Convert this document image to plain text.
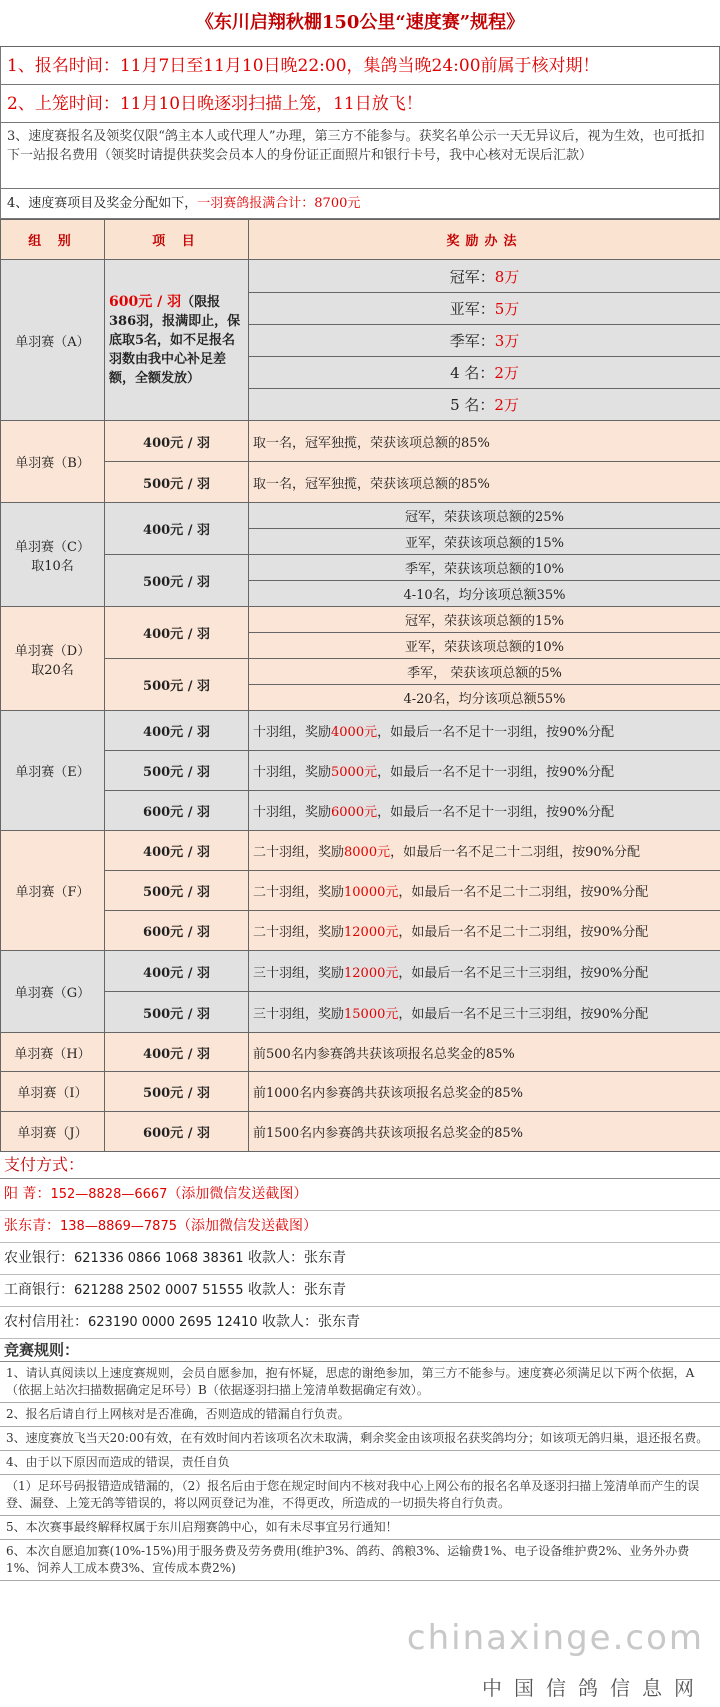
《东川启翔秋棚150公里“速度赛”规程》
1、报名时间：11月7日至11月10日晚22:00，集鸽当晚24:00前属于核对期！
2、上笼时间：11月10日晚逐羽扫描上笼，11日放飞！
3、速度赛报名及领奖仅限“鸽主本人或代理人”办理，第三方不能参与。获奖名单公示一天无异议后，视为生效，也可抵扣下一站报名费用（领奖时请提供获奖会员本人的身份证正面照片和银行卡号，我中心核对无误后汇款）
4、速度赛项目及奖金分配如下，一羽赛鸽报满合计：8700元
组 别	项 目	奖励办法
单羽赛（A）	600元 / 羽（限报386羽，报满即止，保底取5名，如不足报名羽数由我中心补足差额，全额发放）	冠军：8万
		亚军：5万
		季军：3万
		4 名：2万
		5 名：2万
单羽赛（B）	400元 / 羽	取一名，冠军独揽，荣获该项总额的85%
	500元 / 羽	取一名，冠军独揽，荣获该项总额的85%

单羽赛（C）
取10名	400元 / 羽	冠军，荣获该项总额的25%
		亚军，荣获该项总额的15%
	500元 / 羽	季军，荣获该项总额的10%
		4-10名，均分该项总额35%

单羽赛（D）
取20名	400元 / 羽	冠军，荣获该项总额的15%
		亚军，荣获该项总额的10%
	500元 / 羽	季军， 荣获该项总额的5%
		4-20名，均分该项总额55%
单羽赛（E）	400元 / 羽	十羽组，奖励4000元，如最后一名不足十一羽组，按90%分配
	500元 / 羽	十羽组，奖励5000元，如最后一名不足十一羽组，按90%分配
	600元 / 羽	十羽组，奖励6000元，如最后一名不足十一羽组，按90%分配
单羽赛（F）	400元 / 羽	二十羽组，奖励8000元，如最后一名不足二十二羽组，按90%分配
	500元 / 羽	二十羽组，奖励10000元，如最后一名不足二十二羽组，按90%分配
	600元 / 羽	二十羽组，奖励12000元，如最后一名不足二十二羽组，按90%分配
单羽赛（G）	400元 / 羽	三十羽组，奖励12000元，如最后一名不足三十三羽组，按90%分配
	500元 / 羽	三十羽组，奖励15000元，如最后一名不足三十三羽组，按90%分配
单羽赛（H）	400元 / 羽	前500名内参赛鸽共获该项报名总奖金的85%
单羽赛（I）	500元 / 羽	前1000名内参赛鸽共获该项报名总奖金的85%
单羽赛（J）	600元 / 羽	前1500名内参赛鸽共获该项报名总奖金的85%
支付方式：
阳 菁：152—8828—6667（添加微信发送截图）
张东青：138—8869—7875（添加微信发送截图）
农业银行：621336 0866 1068 38361 收款人：张东青
工商银行：621288 2502 0007 51555 收款人：张东青
农村信用社：623190 0000 2695 12410 收款人：张东青
竞赛规则：
1、请认真阅读以上速度赛规则，会员自愿参加，抱有怀疑，思虑的谢绝参加，第三方不能参与。速度赛必须满足以下两个依据，A（依据上站次扫描数据确定足环号）B（依据逐羽扫描上笼清单数据确定有效）。
2、报名后请自行上网核对是否准确，否则造成的错漏自行负责。
3、速度赛放飞当天20:00有效，在有效时间内若该项名次未取满，剩余奖金由该项报名获奖鸽均分；如该项无鸽归巢，退还报名费。
4、由于以下原因而造成的错误，责任自负
（1）足环号码报错造成错漏的，（2）报名后由于您在规定时间内不核对我中心上网公布的报名名单及逐羽扫描上笼清单而产生的误登、漏登、上笼无鸽等错误的，将以网页登记为准，不得更改，所造成的一切损失将自行负责。
5、本次赛事最终解释权属于东川启翔赛鸽中心，如有未尽事宜另行通知！
6、本次自愿追加赛(10%-15%)用于服务费及劳务费用(维护3%、鸽药、鸽粮3%、运输费1%、电子设备维护费2%、业务外办费1%、饲养人工成本费3%、宣传成本费2%)
chinaxinge.com
中国信鸽信息网
